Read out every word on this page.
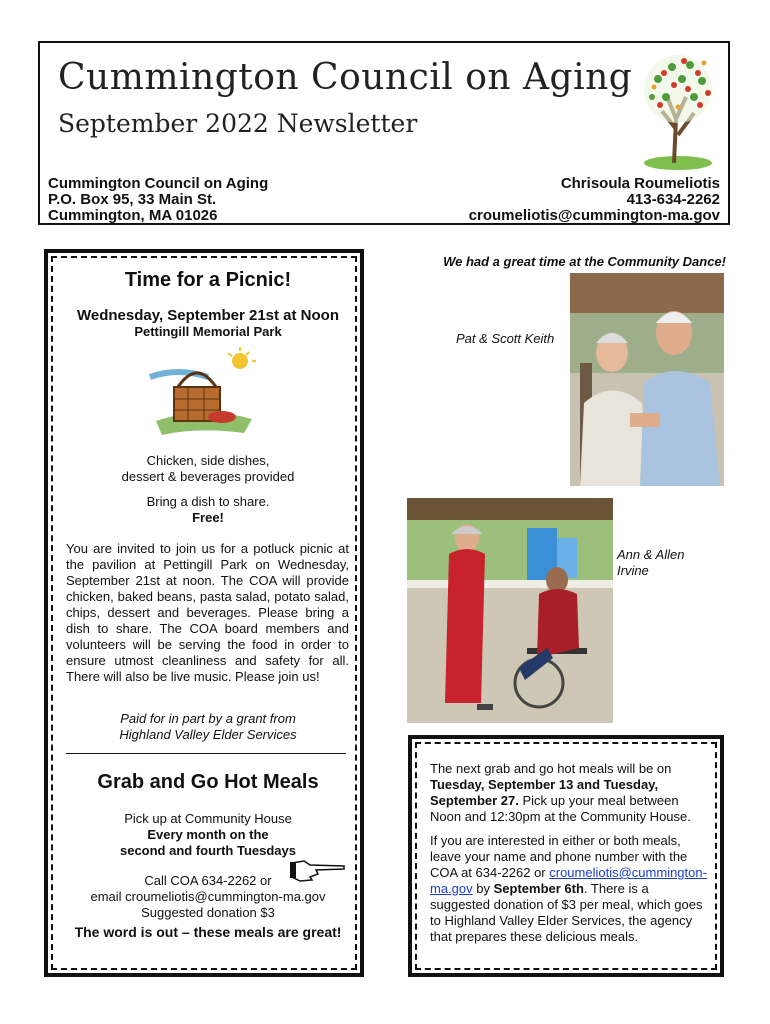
Cummington Council on Aging
September 2022 Newsletter
Cummington Council on Aging
P.O. Box 95, 33 Main St.
Cummington, MA 01026
Chrisoula Roumeliotis
413-634-2262
croumeliotis@cummington-ma.gov
Time for a Picnic!
Wednesday, September 21st at Noon
Pettingill Memorial Park
Chicken, side dishes,
dessert & beverages provided
Bring a dish to share.
Free!
You are invited to join us for a potluck picnic at the pavilion at Pettingill Park on Wednesday, September 21st at noon. The COA will provide chicken, baked beans, pasta salad, potato salad, chips, dessert and beverages. Please bring a dish to share. The COA board members and volunteers will be serving the food in order to ensure utmost cleanliness and safety for all. There will also be live music. Please join us!
Paid for in part by a grant from
Highland Valley Elder Services
Grab and Go Hot Meals
Pick up at Community House
Every month on the
second and fourth Tuesdays
Call COA 634-2262 or
email croumeliotis@cummington-ma.gov
Suggested donation $3
The word is out – these meals are great!
We had a great time at the Community Dance!
Pat & Scott Keith
Ann & Allen
Irvine

The next grab and go hot meals will be on Tuesday, September 13 and Tuesday, September 27. Pick up your meal between Noon and 12:30pm at the Community House.

If you are interested in either or both meals, leave your name and phone number with the COA at 634-2262 or croumeliotis@cummington-ma.gov by September 6th. There is a suggested donation of $3 per meal, which goes to Highland Valley Elder Services, the agency that prepares these delicious meals.
